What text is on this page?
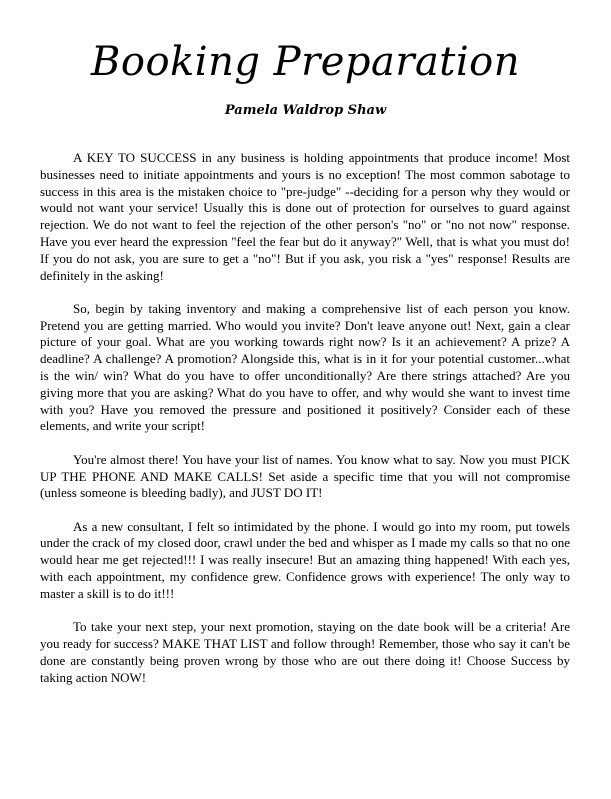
Booking Preparation
Pamela Waldrop Shaw

A KEY TO SUCCESS in any business is holding appointments that produce income! Most businesses need to initiate appointments and yours is no exception! The most common sabotage to success in this area is the mistaken choice to "pre-judge" --deciding for a person why they would or would not want your service! Usually this is done out of protection for ourselves to guard against rejection. We do not want to feel the rejection of the other person's "no" or "no not now" response. Have you ever heard the expression "feel the fear but do it anyway?" Well, that is what you must do! If you do not ask, you are sure to get a "no"! But if you ask, you risk a "yes" response! Results are definitely in the asking!

So, begin by taking inventory and making a comprehensive list of each person you know. Pretend you are getting married. Who would you invite? Don't leave anyone out! Next, gain a clear picture of your goal. What are you working towards right now? Is it an achievement? A prize? A deadline? A challenge? A promotion? Alongside this, what is in it for your potential customer...what is the win/ win? What do you have to offer unconditionally? Are there strings attached? Are you giving more that you are asking? What do you have to offer, and why would she want to invest time with you? Have you removed the pressure and positioned it positively? Consider each of these elements, and write your script!

You're almost there! You have your list of names. You know what to say. Now you must PICK UP THE PHONE AND MAKE CALLS! Set aside a specific time that you will not compromise (unless someone is bleeding badly), and JUST DO IT!

As a new consultant, I felt so intimidated by the phone. I would go into my room, put towels under the crack of my closed door, crawl under the bed and whisper as I made my calls so that no one would hear me get rejected!!! I was really insecure! But an amazing thing happened! With each yes, with each appointment, my confidence grew. Confidence grows with experience! The only way to master a skill is to do it!!!

To take your next step, your next promotion, staying on the date book will be a criteria! Are you ready for success? MAKE THAT LIST and follow through! Remember, those who say it can't be done are constantly being proven wrong by those who are out there doing it! Choose Success by taking action NOW!
